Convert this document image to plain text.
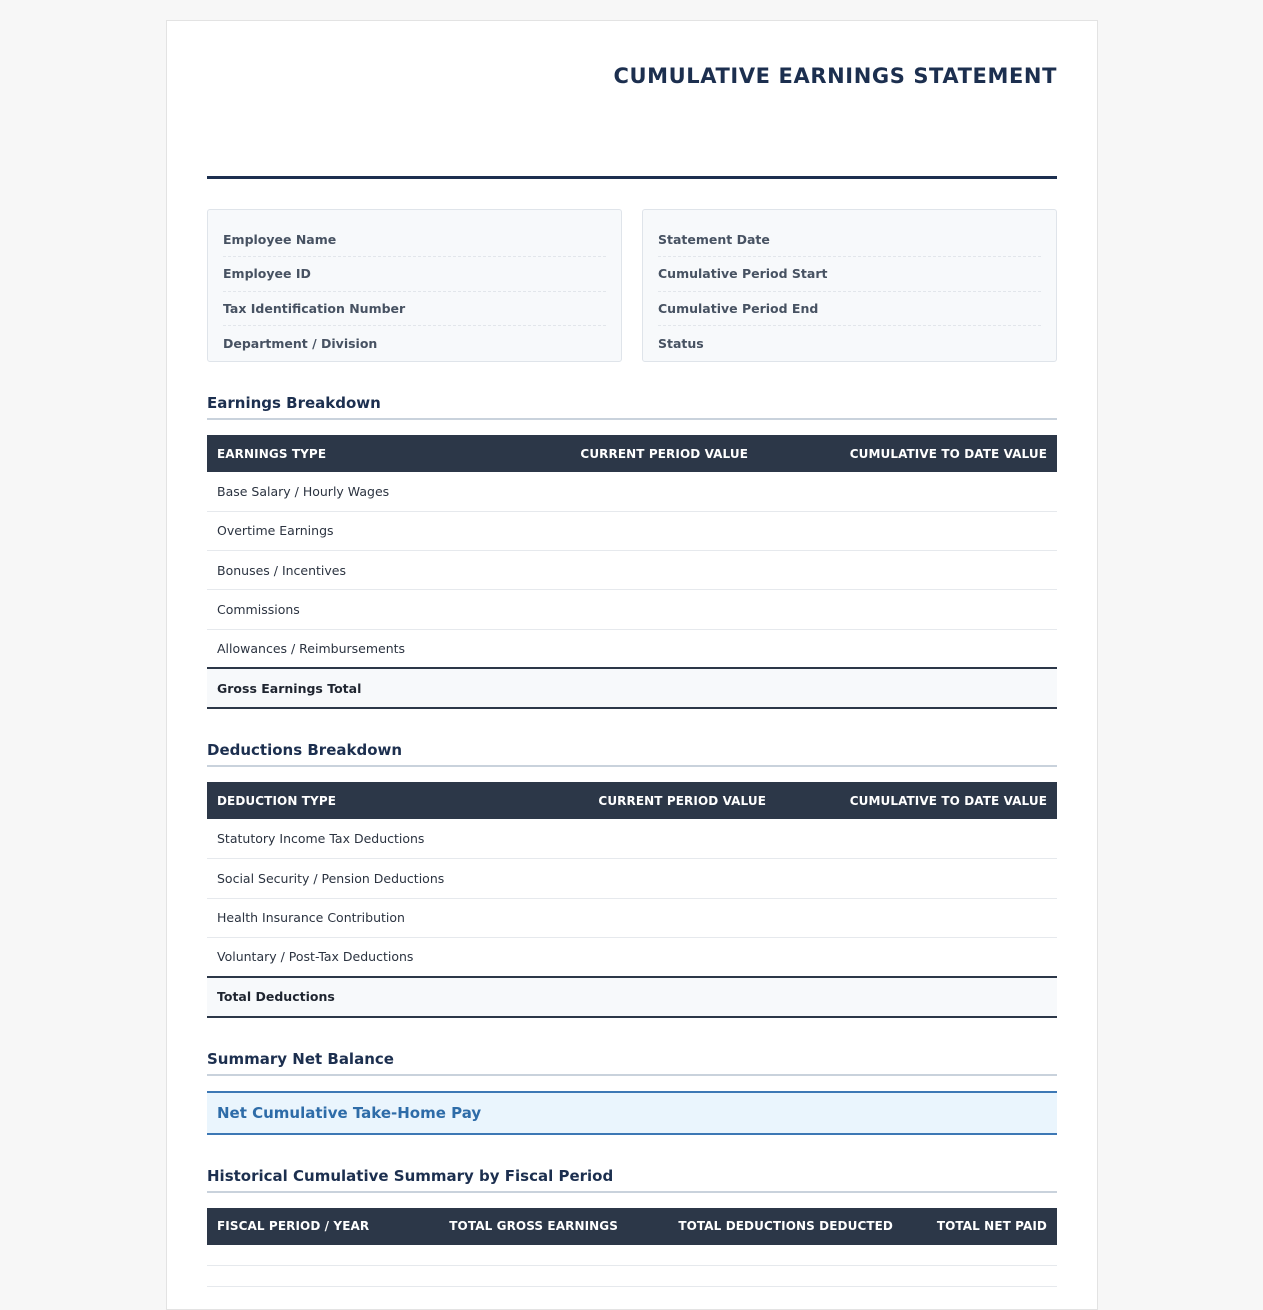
CUMULATIVE EARNINGS STATEMENT
Employee Name
Employee ID
Tax Identification Number
Department / Division
Statement Date
Cumulative Period Start
Cumulative Period End
Status
Earnings Breakdown
EARNINGS TYPE	CURRENT PERIOD VALUE	CUMULATIVE TO DATE VALUE
Base Salary / Hourly Wages		
Overtime Earnings		
Bonuses / Incentives		
Commissions		
Allowances / Reimbursements		
Gross Earnings Total		
Deductions Breakdown
DEDUCTION TYPE	CURRENT PERIOD VALUE	CUMULATIVE TO DATE VALUE
Statutory Income Tax Deductions		
Social Security / Pension Deductions		
Health Insurance Contribution		
Voluntary / Post-Tax Deductions		
Total Deductions		
Summary Net Balance
Net Cumulative Take-Home Pay
Historical Cumulative Summary by Fiscal Period
FISCAL PERIOD / YEAR	TOTAL GROSS EARNINGS	TOTAL DEDUCTIONS DEDUCTED	TOTAL NET PAID
